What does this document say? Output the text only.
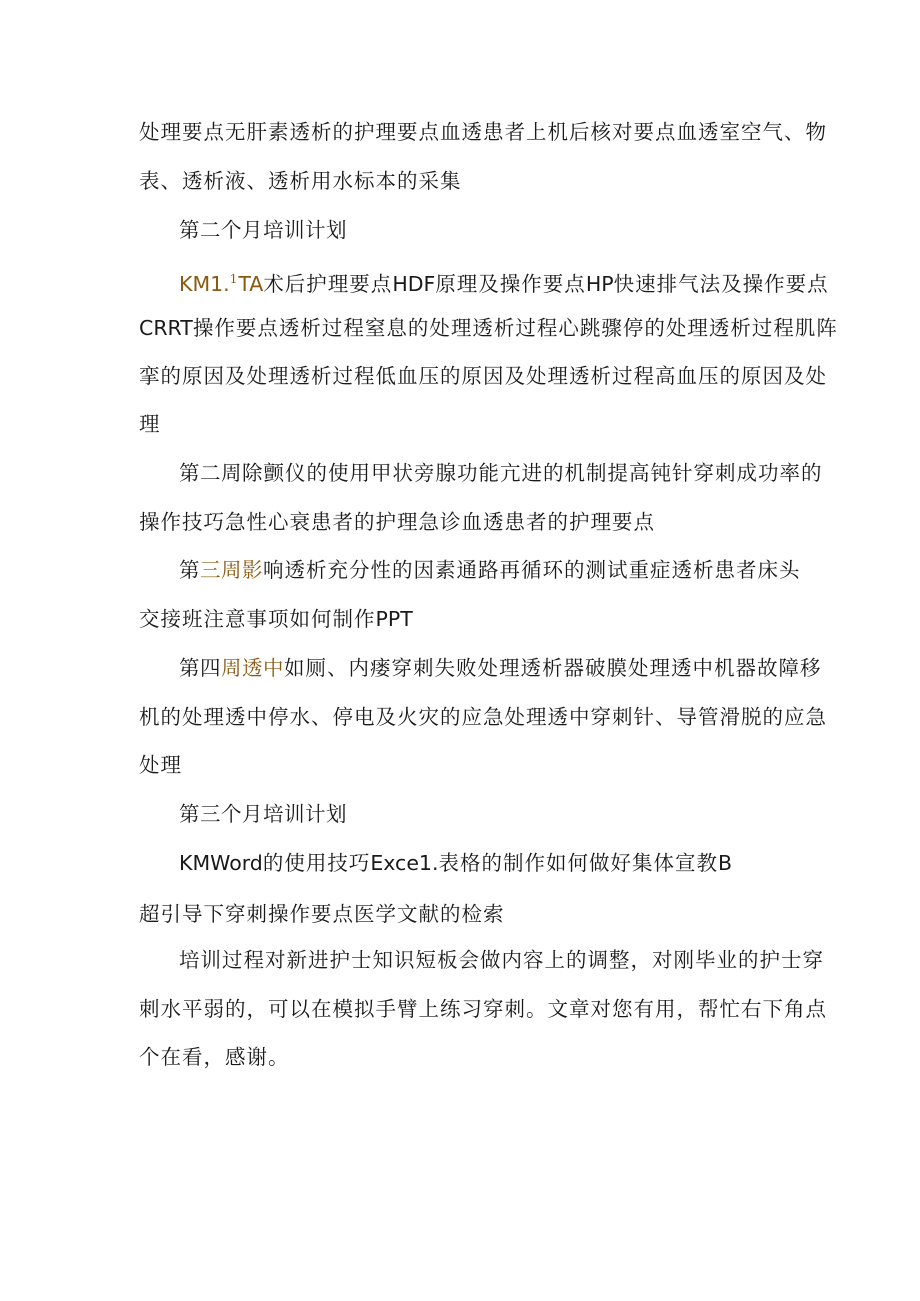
处理要点无肝素透析的护理要点血透患者上机后核对要点血透室空气、物
表、透析液、透析用水标本的采集
第二个月培训计划
KM1.$^1$TA术后护理要点HDF原理及操作要点HP快速排气法及操作要点
CRRT操作要点透析过程窒息的处理透析过程心跳骤停的处理透析过程肌阵
挛的原因及处理透析过程低血压的原因及处理透析过程高血压的原因及处
理
第二周除颤仪的使用甲状旁腺功能亢进的机制提高钝针穿刺成功率的
操作技巧急性心衰患者的护理急诊血透患者的护理要点
第三周影响透析充分性的因素通路再循环的测试重症透析患者床头
交接班注意事项如何制作PPT
第四周透中如厕、内瘘穿刺失败处理透析器破膜处理透中机器故障移
机的处理透中停水、停电及火灾的应急处理透中穿刺针、导管滑脱的应急
处理
第三个月培训计划
KMWord的使用技巧Exce1.表格的制作如何做好集体宣教B
超引导下穿刺操作要点医学文献的检索
培训过程对新进护士知识短板会做内容上的调整，对刚毕业的护士穿
刺水平弱的，可以在模拟手臂上练习穿刺。文章对您有用，帮忙右下角点
个在看，感谢。
